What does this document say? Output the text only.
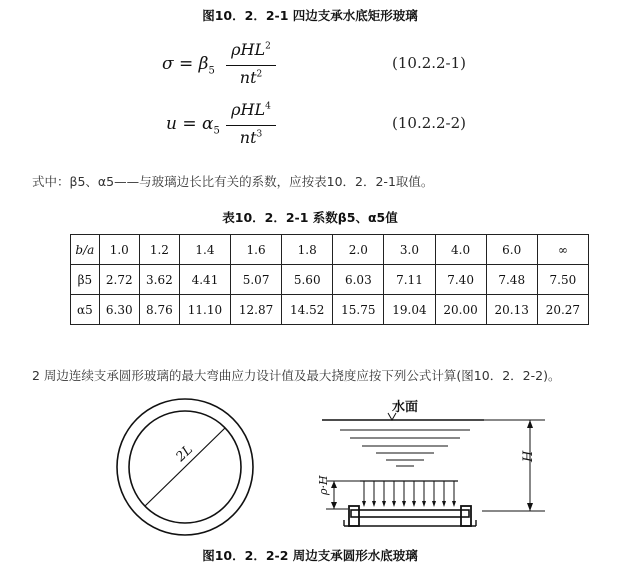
图10．2．2-1 四边支承水底矩形玻璃
$\sigma = \beta_5$
ρHL$^2$
$nt^2$
(10.2.2-1)
$u = \alpha_5$
ρHL$^4$
$nt^3$
(10.2.2-2)
式中：β5、α5——与玻璃边长比有关的系数，应按表10．2．2-1取值。
表10．2．2-1 系数β5、α5值
b/a	1.0	1.2	1.4	1.6	1.8	2.0	3.0	4.0	6.0	∞
β5	2.72	3.62	4.41	5.07	5.60	6.03	7.11	7.40	7.48	7.50
α5	6.30	8.76	11.10	12.87	14.52	15.75	19.04	20.00	20.13	20.27
2 周边连续支承圆形玻璃的最大弯曲应力设计值及最大挠度应按下列公式计算(图10．2．2-2)。
2L
水面
H
ρ·H
图10．2．2-2 周边支承圆形水底玻璃
